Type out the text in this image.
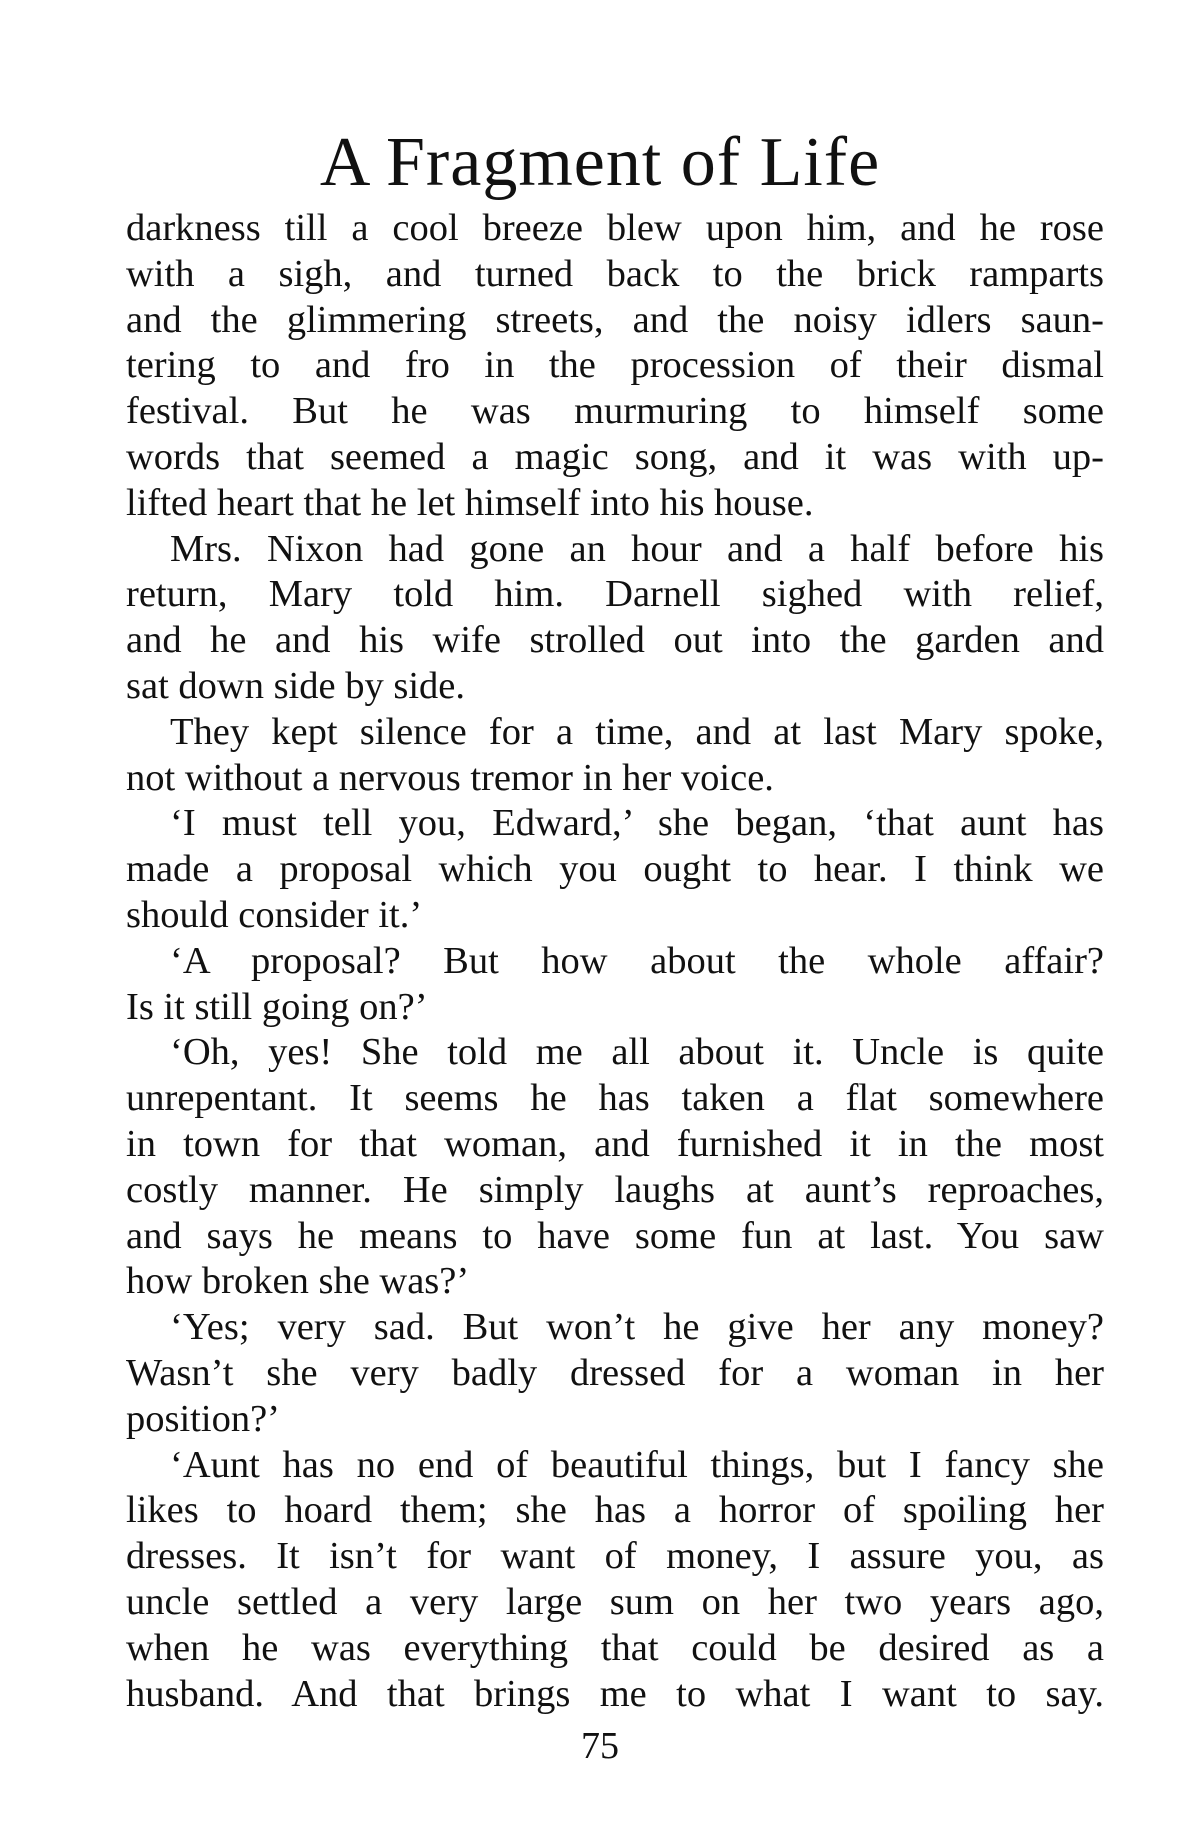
A Fragment of Life
darkness till a cool breeze blew upon him, and he rose
with a sigh, and turned back to the brick ramparts
and the glimmering streets, and the noisy idlers saun-
tering to and fro in the procession of their dismal
festival. But he was murmuring to himself some
words that seemed a magic song, and it was with up-
lifted heart that he let himself into his house.
Mrs. Nixon had gone an hour and a half before his
return, Mary told him. Darnell sighed with relief,
and he and his wife strolled out into the garden and
sat down side by side.
They kept silence for a time, and at last Mary spoke,
not without a nervous tremor in her voice.
‘I must tell you, Edward,’ she began, ‘that aunt has
made a proposal which you ought to hear. I think we
should consider it.’
‘A proposal? But how about the whole affair?
Is it still going on?’
‘Oh, yes! She told me all about it. Uncle is quite
unrepentant. It seems he has taken a flat somewhere
in town for that woman, and furnished it in the most
costly manner. He simply laughs at aunt’s reproaches,
and says he means to have some fun at last. You saw
how broken she was?’
‘Yes; very sad. But won’t he give her any money?
Wasn’t she very badly dressed for a woman in her
position?’
‘Aunt has no end of beautiful things, but I fancy she
likes to hoard them; she has a horror of spoiling her
dresses. It isn’t for want of money, I assure you, as
uncle settled a very large sum on her two years ago,
when he was everything that could be desired as a
husband. And that brings me to what I want to say.
75
